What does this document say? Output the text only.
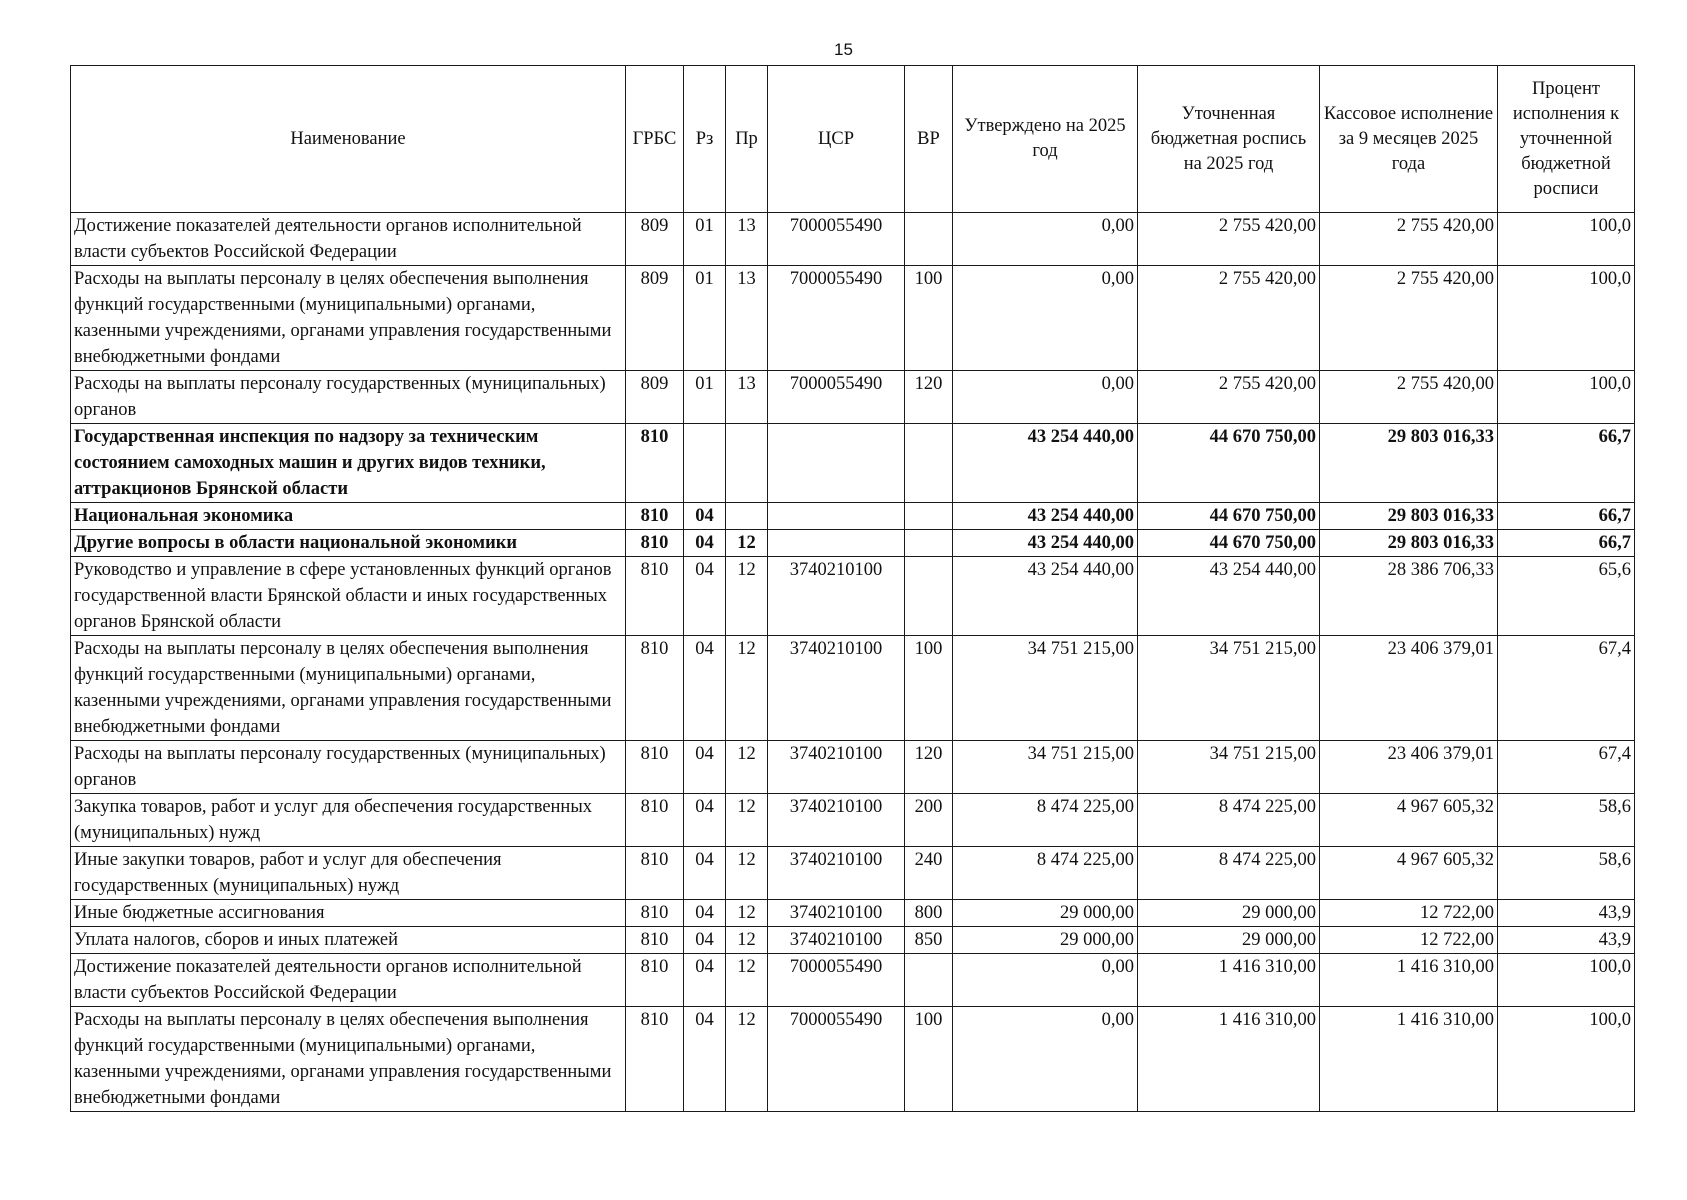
15
Наименование	ГРБС	Рз	Пр	ЦСР	ВР	Утверждено на 2025 год	Уточненная бюджетная роспись на 2025 год	Кассовое исполнение за 9 месяцев 2025 года	Процент исполнения к уточненной бюджетной росписи
Достижение показателей деятельности органов исполнительной власти субъектов Российской Федерации	809	01	13	7000055490		0,00	2 755 420,00	2 755 420,00	100,0
Расходы на выплаты персоналу в целях обеспечения выполнения функций государственными (муниципальными) органами, казенными учреждениями, органами управления государственными внебюджетными фондами	809	01	13	7000055490	100	0,00	2 755 420,00	2 755 420,00	100,0
Расходы на выплаты персоналу государственных (муниципальных) органов	809	01	13	7000055490	120	0,00	2 755 420,00	2 755 420,00	100,0
Государственная инспекция по надзору за техническим состоянием самоходных машин и других видов техники, аттракционов Брянской области	810					43 254 440,00	44 670 750,00	29 803 016,33	66,7
Национальная экономика	810	04				43 254 440,00	44 670 750,00	29 803 016,33	66,7
Другие вопросы в области национальной экономики	810	04	12			43 254 440,00	44 670 750,00	29 803 016,33	66,7
Руководство и управление в сфере установленных функций органов государственной власти Брянской области и иных государственных органов Брянской области	810	04	12	3740210100		43 254 440,00	43 254 440,00	28 386 706,33	65,6
Расходы на выплаты персоналу в целях обеспечения выполнения функций государственными (муниципальными) органами, казенными учреждениями, органами управления государственными внебюджетными фондами	810	04	12	3740210100	100	34 751 215,00	34 751 215,00	23 406 379,01	67,4
Расходы на выплаты персоналу государственных (муниципальных) органов	810	04	12	3740210100	120	34 751 215,00	34 751 215,00	23 406 379,01	67,4
Закупка товаров, работ и услуг для обеспечения государственных (муниципальных) нужд	810	04	12	3740210100	200	8 474 225,00	8 474 225,00	4 967 605,32	58,6
Иные закупки товаров, работ и услуг для обеспечения государственных (муниципальных) нужд	810	04	12	3740210100	240	8 474 225,00	8 474 225,00	4 967 605,32	58,6
Иные бюджетные ассигнования	810	04	12	3740210100	800	29 000,00	29 000,00	12 722,00	43,9
Уплата налогов, сборов и иных платежей	810	04	12	3740210100	850	29 000,00	29 000,00	12 722,00	43,9
Достижение показателей деятельности органов исполнительной власти субъектов Российской Федерации	810	04	12	7000055490		0,00	1 416 310,00	1 416 310,00	100,0
Расходы на выплаты персоналу в целях обеспечения выполнения функций государственными (муниципальными) органами, казенными учреждениями, органами управления государственными внебюджетными фондами	810	04	12	7000055490	100	0,00	1 416 310,00	1 416 310,00	100,0
